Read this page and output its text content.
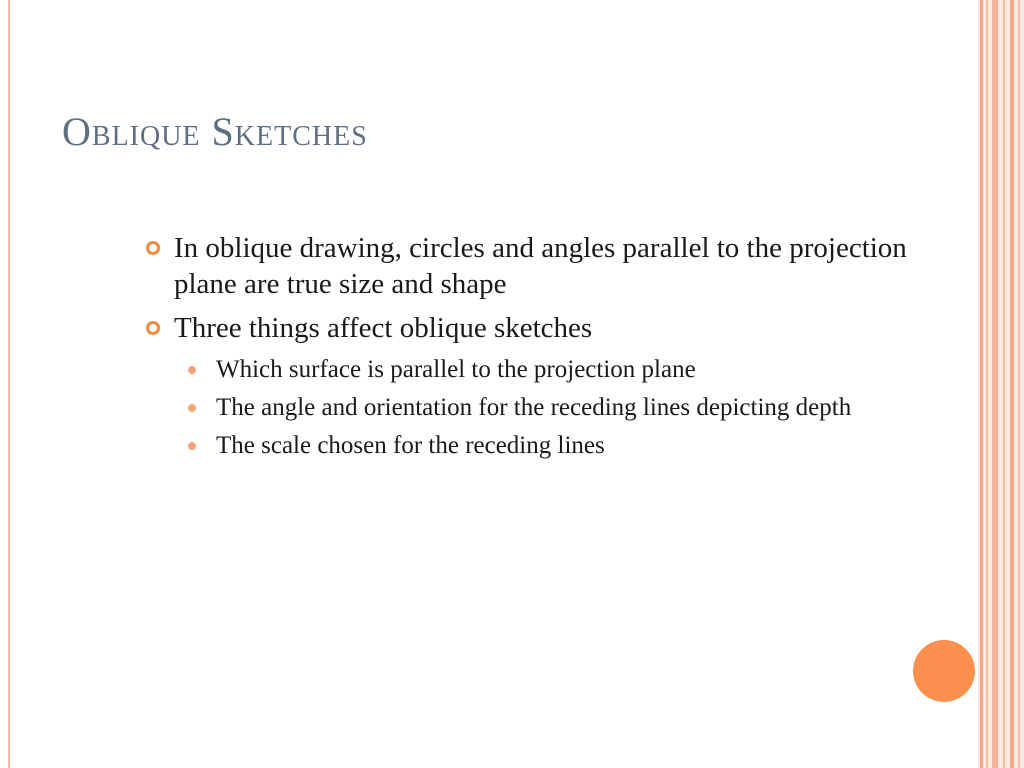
Oblique Sketches
In oblique drawing, circles and angles parallel to the projection plane are true size and shape
Three things affect oblique sketches
Which surface is parallel to the projection plane
The angle and orientation for the receding lines depicting depth
The scale chosen for the receding lines
